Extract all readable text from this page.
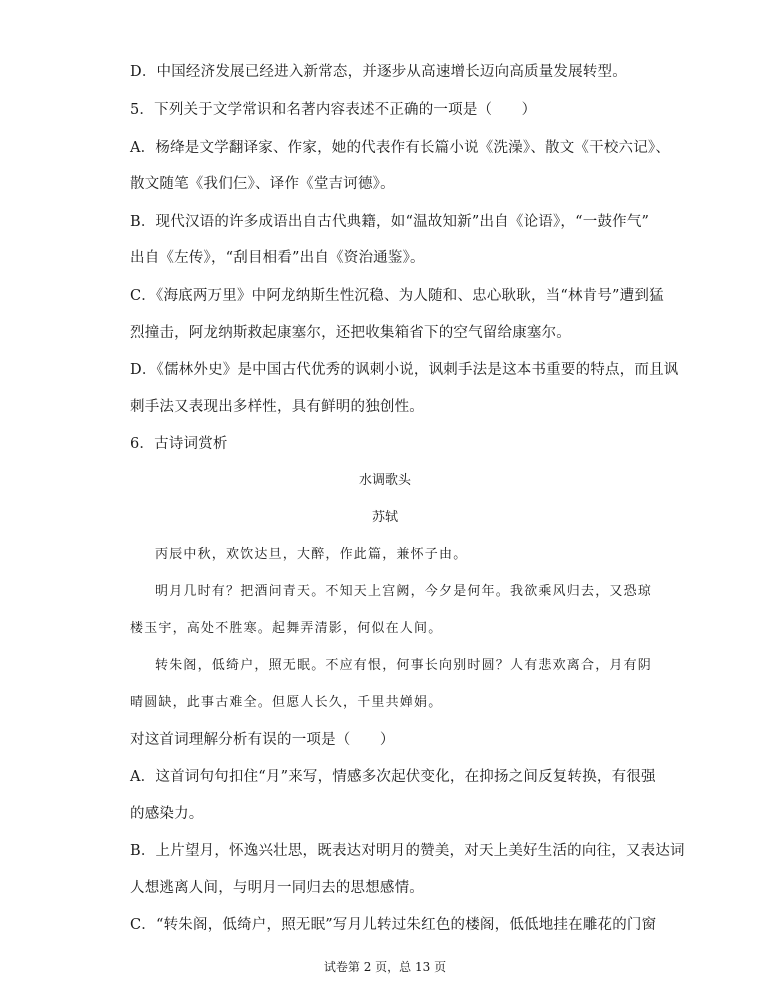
D．中国经济发展已经进入新常态，并逐步从高速增长迈向高质量发展转型。
5．下列关于文学常识和名著内容表述不正确的一项是（　　）
A．杨绛是文学翻译家、作家，她的代表作有长篇小说《洗澡》、散文《干校六记》、
散文随笔《我们仨》、译作《堂吉诃德》。
B．现代汉语的许多成语出自古代典籍，如“温故知新”出自《论语》，“一鼓作气”
出自《左传》，“刮目相看”出自《资治通鉴》。
C．《海底两万里》中阿龙纳斯生性沉稳、为人随和、忠心耿耿，当“林肯号”遭到猛
烈撞击，阿龙纳斯救起康塞尔，还把收集箱省下的空气留给康塞尔。
D．《儒林外史》是中国古代优秀的讽刺小说，讽刺手法是这本书重要的特点，而且讽
刺手法又表现出多样性，具有鲜明的独创性。
6．古诗词赏析
水调歌头
苏轼
丙辰中秋，欢饮达旦，大醉，作此篇，兼怀子由。
明月几时有？把酒问青天。不知天上宫阙，今夕是何年。我欲乘风归去，又恐琼
楼玉宇，高处不胜寒。起舞弄清影，何似在人间。
转朱阁，低绮户，照无眠。不应有恨，何事长向别时圆？人有悲欢离合，月有阴
晴圆缺，此事古难全。但愿人长久，千里共婵娟。
对这首词理解分析有误的一项是（　　）
A．这首词句句扣住“月”来写，情感多次起伏变化，在抑扬之间反复转换，有很强
的感染力。
B．上片望月，怀逸兴壮思，既表达对明月的赞美，对天上美好生活的向往，又表达词
人想逃离人间，与明月一同归去的思想感情。
C．“转朱阁，低绮户，照无眠”写月儿转过朱红色的楼阁，低低地挂在雕花的门窗
试卷第 2 页，总 13 页
